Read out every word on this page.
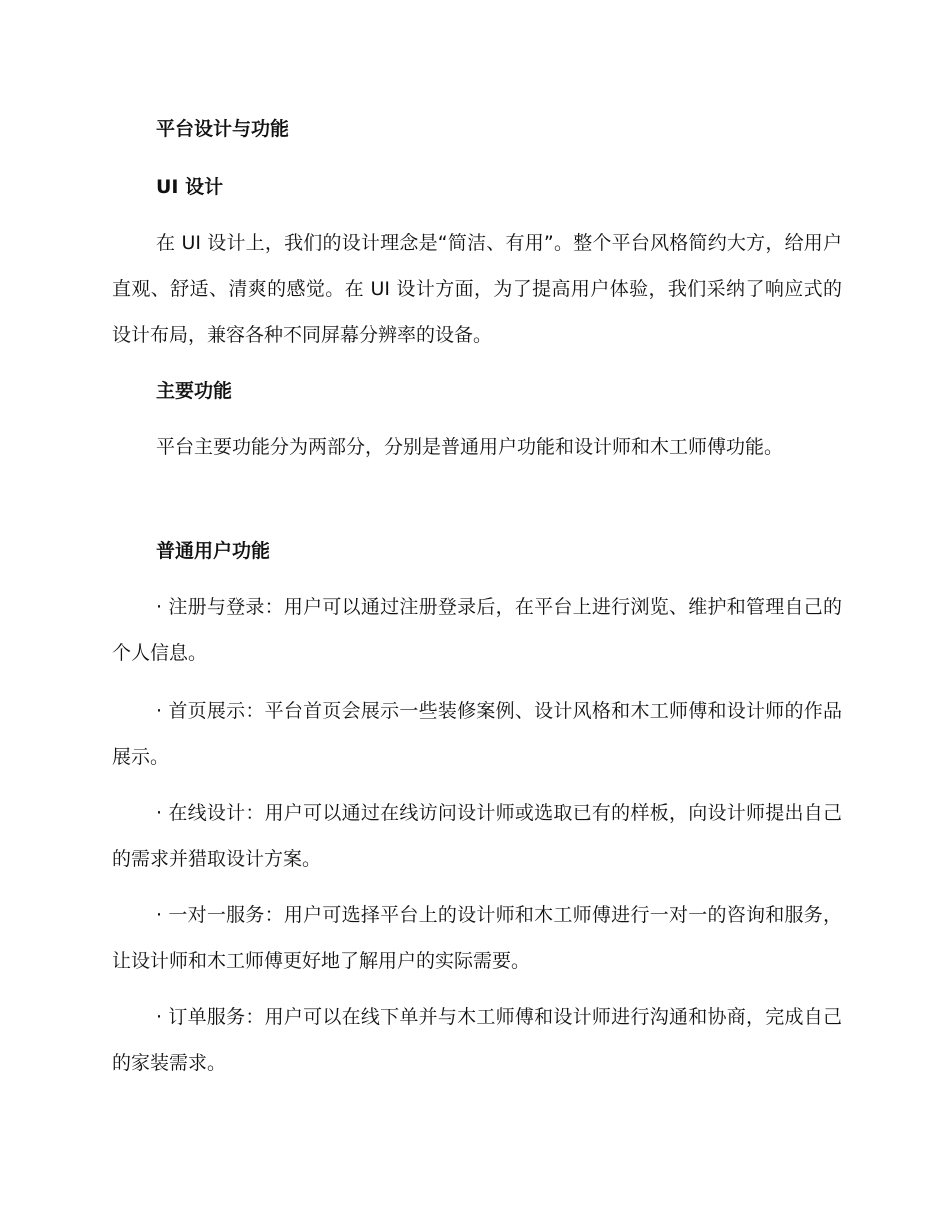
平台设计与功能
UI 设计

在 UI 设计上，我们的设计理念是“简洁、有用”。整个平台风格简约大方，给用户直观、舒适、清爽的感觉。在 UI 设计方面，为了提高用户体验，我们采纳了响应式的设计布局，兼容各种不同屏幕分辨率的设备。

主要功能

平台主要功能分为两部分，分别是普通用户功能和设计师和木工师傅功能。

普通用户功能

· 注册与登录：用户可以通过注册登录后，在平台上进行浏览、维护和管理自己的个人信息。

· 首页展示：平台首页会展示一些装修案例、设计风格和木工师傅和设计师的作品展示。

· 在线设计：用户可以通过在线访问设计师或选取已有的样板，向设计师提出自己的需求并猎取设计方案。

· 一对一服务：用户可选择平台上的设计师和木工师傅进行一对一的咨询和服务，让设计师和木工师傅更好地了解用户的实际需要。

· 订单服务：用户可以在线下单并与木工师傅和设计师进行沟通和协商，完成自己的家装需求。
